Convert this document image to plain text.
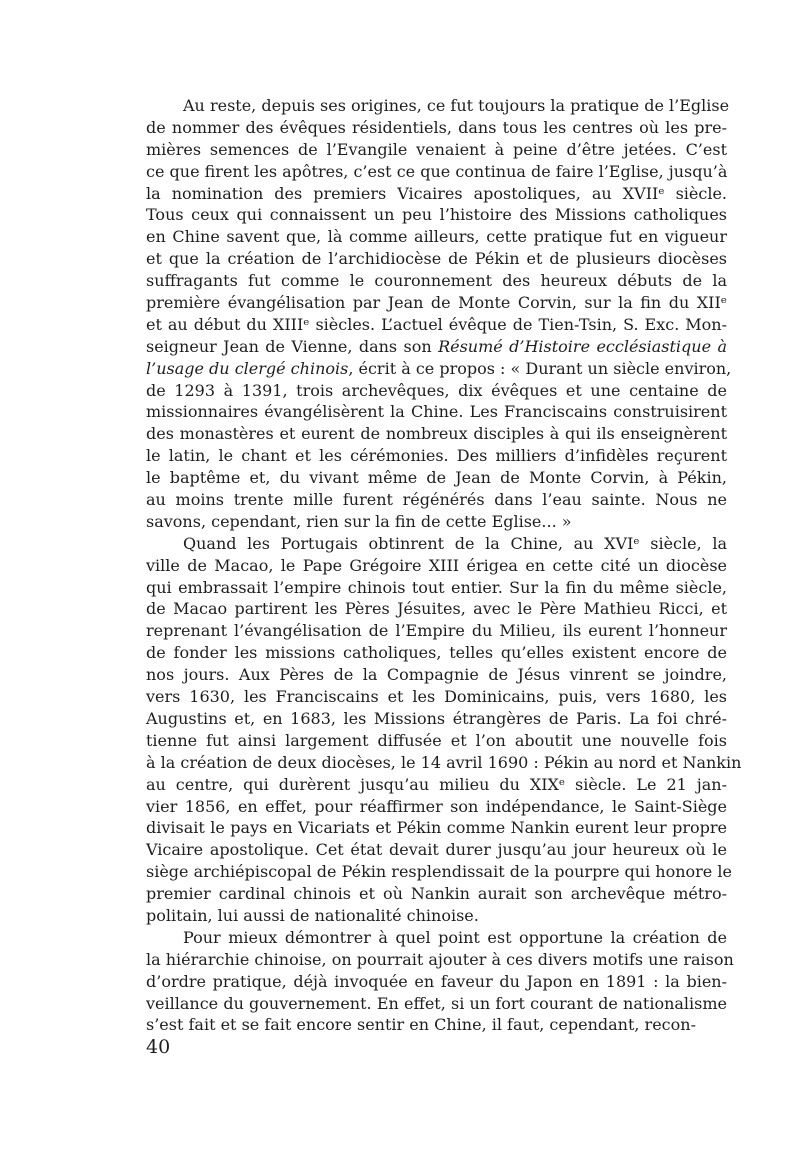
Au reste, depuis ses origines, ce fut toujours la pratique de l’Eglise
de nommer des évêques résidentiels, dans tous les centres où les pre-
mières semences de l’Evangile venaient à peine d’être jetées. C’est
ce que firent les apôtres, c’est ce que continua de faire l’Eglise, jusqu’à
la nomination des premiers Vicaires apostoliques, au XVIIᵉ siècle.
Tous ceux qui connaissent un peu l’histoire des Missions catholiques
en Chine savent que, là comme ailleurs, cette pratique fut en vigueur
et que la création de l’archidiocèse de Pékin et de plusieurs diocèses
suffragants fut comme le couronnement des heureux débuts de la
première évangélisation par Jean de Monte Corvin, sur la fin du XIIᵉ
et au début du XIIIᵉ siècles. L’actuel évêque de Tien-Tsin, S. Exc. Mon-
seigneur Jean de Vienne, dans son Résumé d’Histoire ecclésiastique à
l’usage du clergé chinois, écrit à ce propos : « Durant un siècle environ,
de 1293 à 1391, trois archevêques, dix évêques et une centaine de
missionnaires évangélisèrent la Chine. Les Franciscains construisirent
des monastères et eurent de nombreux disciples à qui ils enseignèrent
le latin, le chant et les cérémonies. Des milliers d’infidèles reçurent
le baptême et, du vivant même de Jean de Monte Corvin, à Pékin,
au moins trente mille furent régénérés dans l’eau sainte. Nous ne
savons, cependant, rien sur la fin de cette Eglise... »
Quand les Portugais obtinrent de la Chine, au XVIᵉ siècle, la
ville de Macao, le Pape Grégoire XIII érigea en cette cité un diocèse
qui embrassait l’empire chinois tout entier. Sur la fin du même siècle,
de Macao partirent les Pères Jésuites, avec le Père Mathieu Ricci, et
reprenant l’évangélisation de l’Empire du Milieu, ils eurent l’honneur
de fonder les missions catholiques, telles qu’elles existent encore de
nos jours. Aux Pères de la Compagnie de Jésus vinrent se joindre,
vers 1630, les Franciscains et les Dominicains, puis, vers 1680, les
Augustins et, en 1683, les Missions étrangères de Paris. La foi chré-
tienne fut ainsi largement diffusée et l’on aboutit une nouvelle fois
à la création de deux diocèses, le 14 avril 1690 : Pékin au nord et Nankin
au centre, qui durèrent jusqu’au milieu du XIXᵉ siècle. Le 21 jan-
vier 1856, en effet, pour réaffirmer son indépendance, le Saint-Siège
divisait le pays en Vicariats et Pékin comme Nankin eurent leur propre
Vicaire apostolique. Cet état devait durer jusqu’au jour heureux où le
siège archiépiscopal de Pékin resplendissait de la pourpre qui honore le
premier cardinal chinois et où Nankin aurait son archevêque métro-
politain, lui aussi de nationalité chinoise.
Pour mieux démontrer à quel point est opportune la création de
la hiérarchie chinoise, on pourrait ajouter à ces divers motifs une raison
d’ordre pratique, déjà invoquée en faveur du Japon en 1891 : la bien-
veillance du gouvernement. En effet, si un fort courant de nationalisme
s’est fait et se fait encore sentir en Chine, il faut, cependant, recon-
40
